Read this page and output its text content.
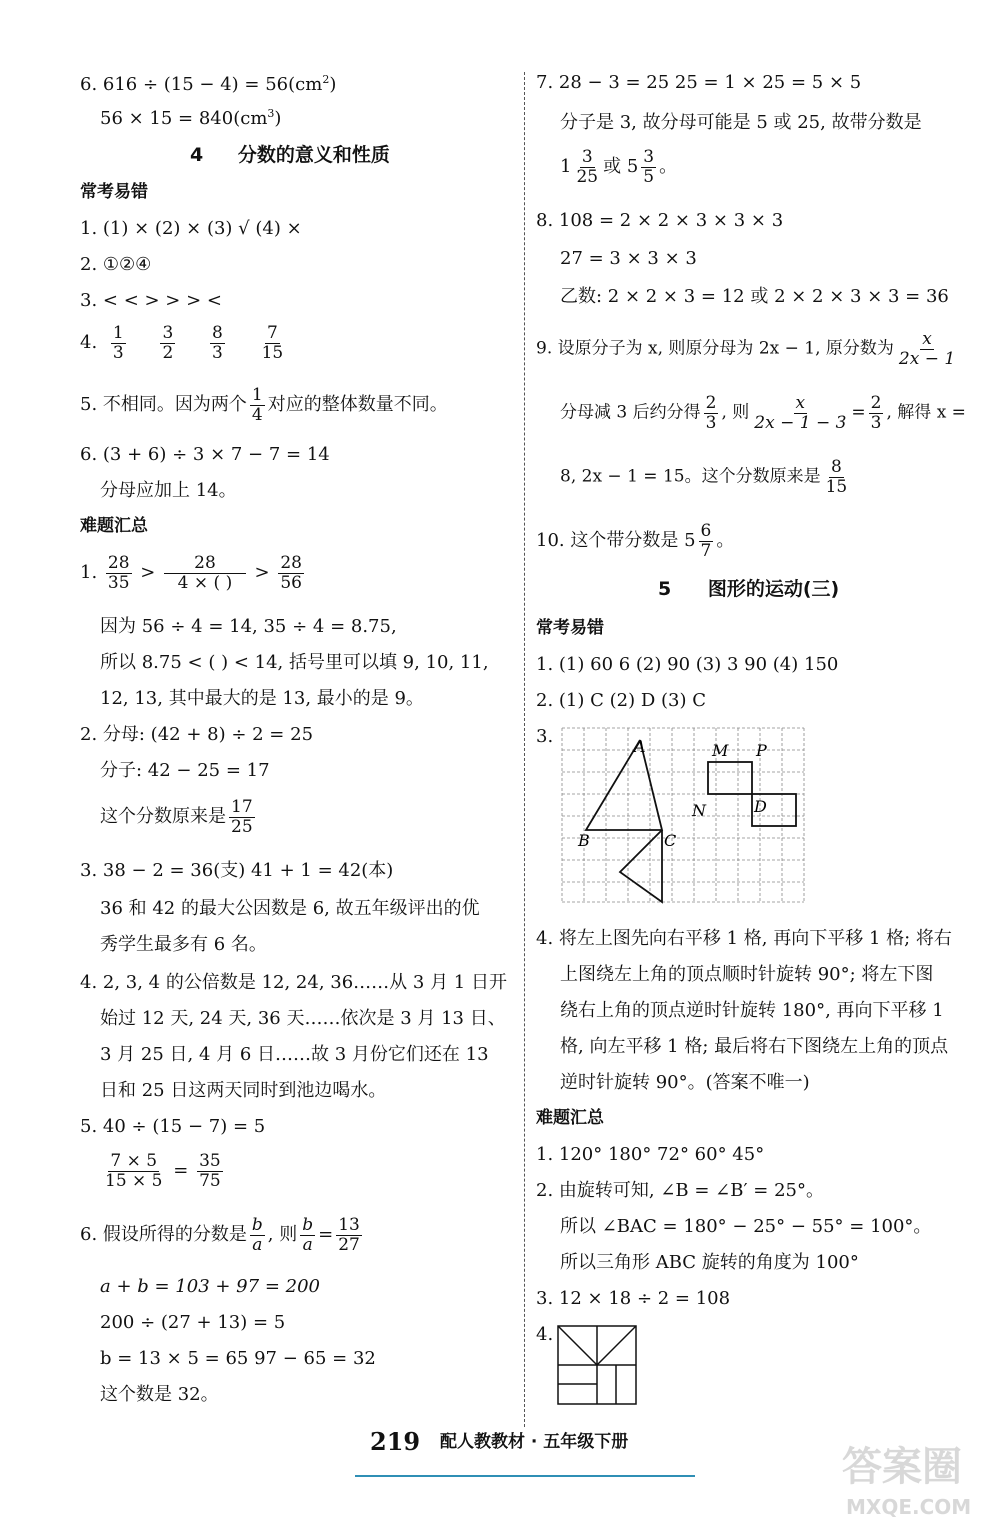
6. $616 \div (15 - 4) = 56(cm^2)$
$56 \times 15 = 840(cm^3)$
4 分数的意义和性质
常考易错
1. (1) × (2) × (3) √ (4) ×
2. ①②④
3. < < > > > <
4. $\frac{1}{3}$
$\frac{3}{2}$
$\frac{8}{3}$
$\frac{7}{15}$
5. 不相同。因为两个 $\frac{1}{4}$ 对应的整体数量不同。
6. (3 + 6) ÷ 3 × 7 − 7 = 14
分母应加上 14。
难题汇总
1. $\frac{28}{35} > \frac{28}{4 \times ( )} > \frac{28}{56}$
因为 56 ÷ 4 = 14, 35 ÷ 4 = 8.75,
所以 8.75 < ( ) < 14, 括号里可以填 9, 10, 11,
12, 13, 其中最大的是 13, 最小的是 9。
2. 分母: (42 + 8) ÷ 2 = 25
分子: 42 − 25 = 17
这个分数原来是 $\frac{17}{25}$
3. 38 − 2 = 36(支) 41 + 1 = 42(本)
36 和 42 的最大公因数是 6, 故五年级评出的优
秀学生最多有 6 名。
4. 2, 3, 4 的公倍数是 12, 24, 36……从 3 月 1 日开
始过 12 天, 24 天, 36 天……依次是 3 月 13 日、
3 月 25 日, 4 月 6 日……故 3 月份它们还在 13
日和 25 日这两天同时到池边喝水。
5. 40 ÷ (15 − 7) = 5
$\frac{7 \times 5}{15 \times 5} = \frac{35}{75}$
6. 假设所得的分数是 $\frac{b}{a}$ , 则 $\frac{b}{a} = \frac{13}{27}$
a + b = 103 + 97 = 200
200 ÷ (27 + 13) = 5
b = 13 × 5 = 65 97 − 65 = 32
这个数是 32。
7. 28 − 3 = 25 25 = 1 × 25 = 5 × 5
分子是 3, 故分母可能是 5 或 25, 故带分数是
$1 \frac{3}{25}$ 或 $5 \frac{3}{5}$ 。
8. 108 = 2 × 2 × 3 × 3 × 3
27 = 3 × 3 × 3
乙数: 2 × 2 × 3 = 12 或 2 × 2 × 3 × 3 = 36
9. 设原分子为 x, 则原分母为 2x − 1, 原分数为 $\frac{x}{2x - 1}$
分母减 3 后约分得 $\frac{2}{3}$ , 则 $\frac{x}{2x - 1 - 3} = \frac{2}{3}$ , 解得 x =
8, 2x − 1 = 15。这个分数原来是 $\frac{8}{15}$
10. 这个带分数是 $5 \frac{6}{7}$ 。
5 图形的运动(三)
常考易错
1. (1) 60 6 (2) 90 (3) 3 90 (4) 150
2. (1) C (2) D (3) C
3.	A
B	C
M P
N	D
4. 将左上图先向右平移 1 格, 再向下平移 1 格; 将右
上图绕左上角的顶点顺时针旋转 90°; 将左下图
绕右上角的顶点逆时针旋转 180°, 再向下平移 1
格, 向左平移 1 格; 最后将右下图绕左上角的顶点
逆时针旋转 90°。(答案不唯一)
难题汇总
1. 120° 180° 72° 60° 45°
2. 由旋转可知, ∠B = ∠B′ = 25°。
所以 ∠BAC = 180° − 25° − 55° = 100°。
所以三角形 ABC 旋转的角度为 100°
3. 12 × 18 ÷ 2 = 108
4.
219 配人教教材 · 五年级下册
答案圈
MXQE.COM
